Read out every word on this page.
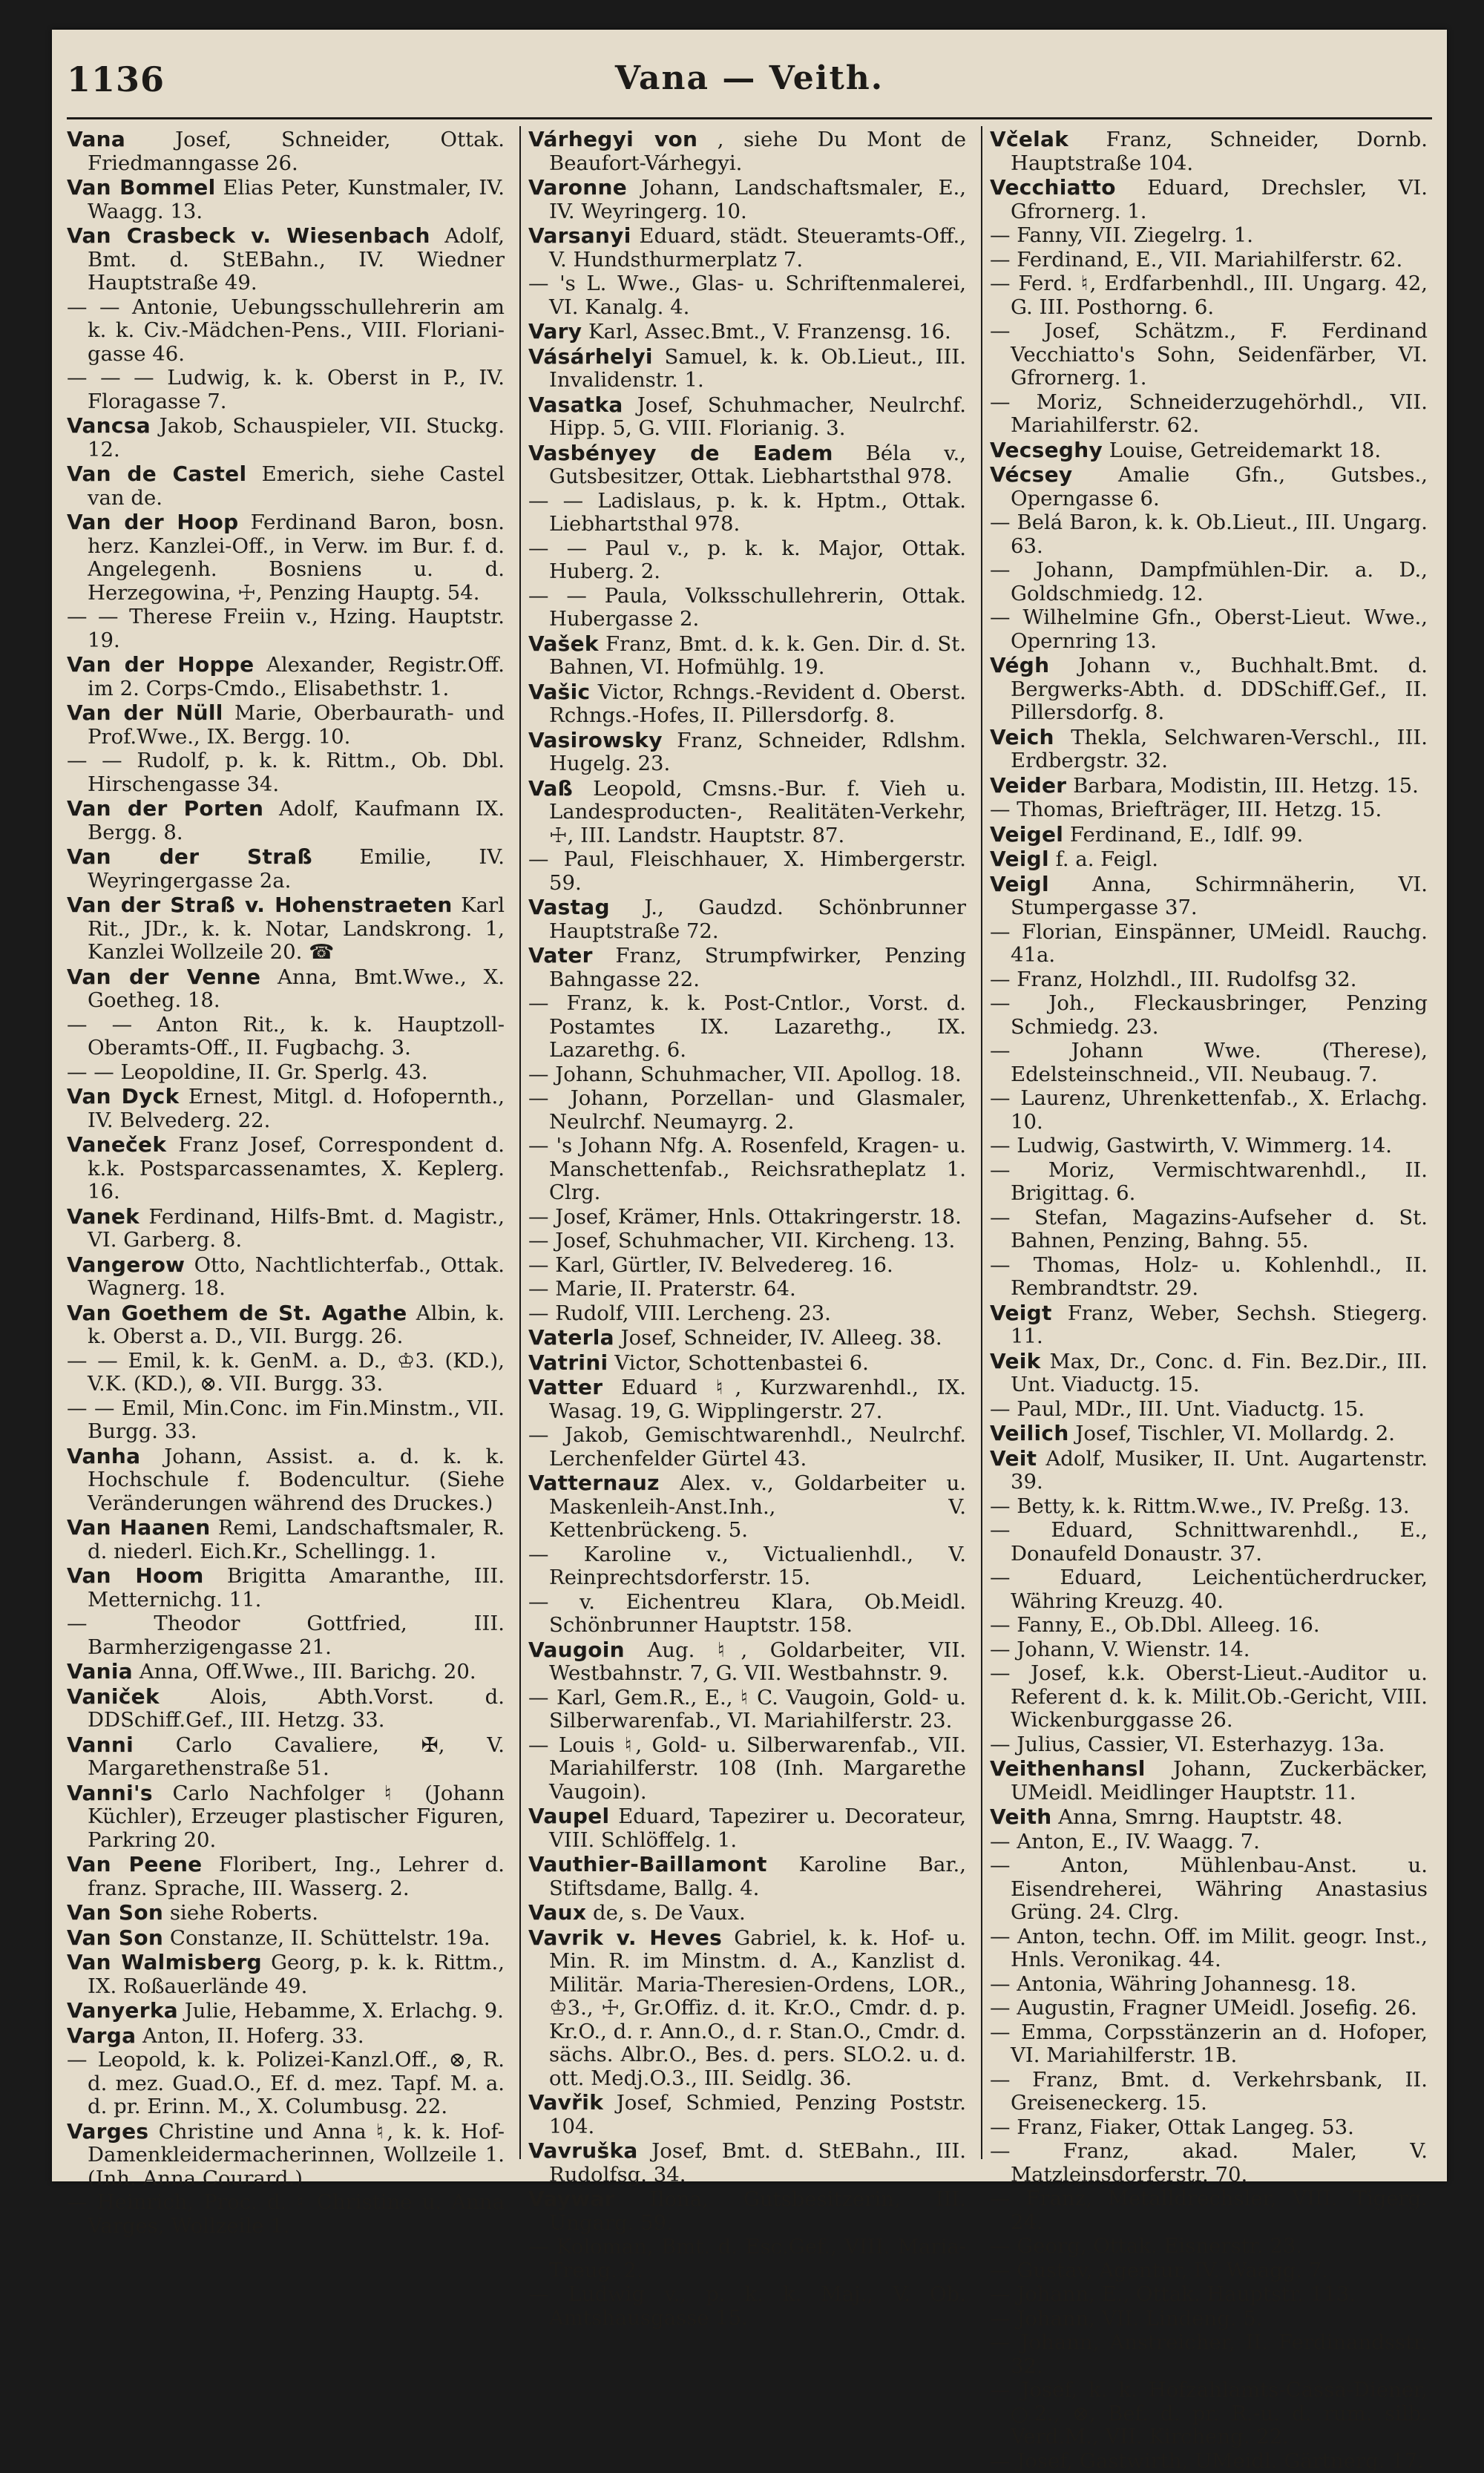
1136	Vana — Veith.

Vana Josef, Schneider, Ottak. Friedmanngasse 26.

Van Bommel Elias Peter, Kunstmaler, IV. Waagg. 13.

Van Crasbeck v. Wiesenbach Adolf, Bmt. d. StEBahn., IV. Wiedner Hauptstraße 49.

— — Antonie, Uebungsschullehrerin am k. k. Civ.-Mädchen-Pens., VIII. Floriani-gasse 46.

— — — Ludwig, k. k. Oberst in P., IV. Floragasse 7.

Vancsa Jakob, Schauspieler, VII. Stuckg. 12.

Van de Castel Emerich, siehe Castel van de.

Van der Hoop Ferdinand Baron, bosn. herz. Kanzlei-Off., in Verw. im Bur. f. d. Angelegenh. Bosniens u. d. Herzegowina, ☩, Penzing Hauptg. 54.

— — Therese Freiin v., Hzing. Hauptstr. 19.

Van der Hoppe Alexander, Registr.Off. im 2. Corps-Cmdo., Elisabethstr. 1.

Van der Nüll Marie, Oberbaurath- und Prof.Wwe., IX. Bergg. 10.

— — Rudolf, p. k. k. Rittm., Ob. Dbl. Hirschengasse 34.

Van der Porten Adolf, Kaufmann IX. Bergg. 8.

Van der Straß Emilie, IV. Weyringergasse 2a.

Van der Straß v. Hohenstraeten Karl Rit., JDr., k. k. Notar, Landskrong. 1, Kanzlei Wollzeile 20. ☎

Van der Venne Anna, Bmt.Wwe., X. Goetheg. 18.

— — Anton Rit., k. k. Hauptzoll-Oberamts-Off., II. Fugbachg. 3.

— — Leopoldine, II. Gr. Sperlg. 43.

Van Dyck Ernest, Mitgl. d. Hofopernth., IV. Belvederg. 22.

Vaneček Franz Josef, Correspondent d. k.k. Postsparcassenamtes, X. Keplerg. 16.

Vanek Ferdinand, Hilfs-Bmt. d. Magistr., VI. Garberg. 8.

Vangerow Otto, Nachtlichterfab., Ottak. Wagnerg. 18.

Van Goethem de St. Agathe Albin, k. k. Oberst a. D., VII. Burgg. 26.

— — Emil, k. k. GenM. a. D., ♔3. (KD.), V.K. (KD.), ⊗. VII. Burgg. 33.

— — Emil, Min.Conc. im Fin.Minstm., VII. Burgg. 33.

Vanha Johann, Assist. a. d. k. k. Hochschule f. Bodencultur. (Siehe Veränderungen während des Druckes.)

Van Haanen Remi, Landschaftsmaler, R. d. niederl. Eich.Kr., Schellingg. 1.

Van Hoom Brigitta Amaranthe, III. Metternichg. 11.

— Theodor Gottfried, III. Barmherzigengasse 21.

Vania Anna, Off.Wwe., III. Barichg. 20.

Vaniček Alois, Abth.Vorst. d. DDSchiff.Gef., III. Hetzg. 33.

Vanni Carlo Cavaliere, ✠, V. Margarethenstraße 51.

Vanni's Carlo Nachfolger ♮ (Johann Küchler), Erzeuger plastischer Figuren, Parkring 20.

Van Peene Floribert, Ing., Lehrer d. franz. Sprache, III. Wasserg. 2.

Van Son siehe Roberts.

Van Son Constanze, II. Schüttelstr. 19a.

Van Walmisberg Georg, p. k. k. Rittm., IX. Roßauerlände 49.

Vanyerka Julie, Hebamme, X. Erlachg. 9.

Varga Anton, II. Hoferg. 33.

— Leopold, k. k. Polizei-Kanzl.Off., ⊗, R. d. mez. Guad.O., Ef. d. mez. Tapf. M. a. d. pr. Erinn. M., X. Columbusg. 22.

Varges Christine und Anna ♮, k. k. Hof-Damenkleidermacherinnen, Wollzeile 1. (Inh. Anna Courard.)

— Heinrich, Proc. d. ♮ Christine u. Anna Varges, Wollzeile 1.

Várhegyi von , siehe Du Mont de Beaufort-Várhegyi.

Varonne Johann, Landschaftsmaler, E., IV. Weyringerg. 10.

Varsanyi Eduard, städt. Steueramts-Off., V. Hundsthurmerplatz 7.

— 's L. Wwe., Glas- u. Schriftenmalerei, VI. Kanalg. 4.

Vary Karl, Assec.Bmt., V. Franzensg. 16.

Vásárhelyi Samuel, k. k. Ob.Lieut., III. Invalidenstr. 1.

Vasatka Josef, Schuhmacher, Neulrchf. Hipp. 5, G. VIII. Florianig. 3.

Vasbényey de Eadem Béla v., Gutsbesitzer, Ottak. Liebhartsthal 978.

— — Ladislaus, p. k. k. Hptm., Ottak. Liebhartsthal 978.

— — Paul v., p. k. k. Major, Ottak. Huberg. 2.

— — Paula, Volksschullehrerin, Ottak. Hubergasse 2.

Vašek Franz, Bmt. d. k. k. Gen. Dir. d. St. Bahnen, VI. Hofmühlg. 19.

Vašic Victor, Rchngs.-Revident d. Oberst. Rchngs.-Hofes, II. Pillersdorfg. 8.

Vasirowsky Franz, Schneider, Rdlshm. Hugelg. 23.

Vaß Leopold, Cmsns.-Bur. f. Vieh u. Landesproducten-, Realitäten-Verkehr, ☩, III. Landstr. Hauptstr. 87.

— Paul, Fleischhauer, X. Himbergerstr. 59.

Vastag J., Gaudzd. Schönbrunner Hauptstraße 72.

Vater Franz, Strumpfwirker, Penzing Bahngasse 22.

— Franz, k. k. Post-Cntlor., Vorst. d. Postamtes IX. Lazarethg., IX. Lazarethg. 6.

— Johann, Schuhmacher, VII. Apollog. 18.

— Johann, Porzellan- und Glasmaler, Neulrchf. Neumayrg. 2.

— 's Johann Nfg. A. Rosenfeld, Kragen- u. Manschettenfab., Reichsratheplatz 1. Clrg.

— Josef, Krämer, Hnls. Ottakringerstr. 18.

— Josef, Schuhmacher, VII. Kircheng. 13.

— Karl, Gürtler, IV. Belvedereg. 16.

— Marie, II. Praterstr. 64.

— Rudolf, VIII. Lercheng. 23.

Vaterla Josef, Schneider, IV. Alleeg. 38.

Vatrini Victor, Schottenbastei 6.

Vatter Eduard ♮, Kurzwarenhdl., IX. Wasag. 19, G. Wipplingerstr. 27.

— Jakob, Gemischtwarenhdl., Neulrchf. Lerchenfelder Gürtel 43.

Vatternauz Alex. v., Goldarbeiter u. Maskenleih-Anst.Inh., V. Kettenbrückeng. 5.

— Karoline v., Victualienhdl., V. Reinprechtsdorferstr. 15.

— v. Eichentreu Klara, Ob.Meidl. Schönbrunner Hauptstr. 158.

Vaugoin Aug. ♮, Goldarbeiter, VII. Westbahnstr. 7, G. VII. Westbahnstr. 9.

— Karl, Gem.R., E., ♮ C. Vaugoin, Gold- u. Silberwarenfab., VI. Mariahilferstr. 23.

— Louis ♮, Gold- u. Silberwarenfab., VII. Mariahilferstr. 108 (Inh. Margarethe Vaugoin).

Vaupel Eduard, Tapezirer u. Decorateur, VIII. Schlöffelg. 1.

Vauthier-Baillamont Karoline Bar., Stiftsdame, Ballg. 4.

Vaux de, s. De Vaux.

Vavrik v. Heves Gabriel, k. k. Hof- u. Min. R. im Minstm. d. A., Kanzlist d. Militär. Maria-Theresien-Ordens, LOR., ♔3., ☩, Gr.Offiz. d. it. Kr.O., Cmdr. d. p. Kr.O., d. r. Ann.O., d. r. Stan.O., Cmdr. d. sächs. Albr.O., Bes. d. pers. SLO.2. u. d. ott. Medj.O.3., III. Seidlg. 36.

Vavřik Josef, Schmied, Penzing Poststr. 104.

Vavruška Josef, Bmt. d. StEBahn., III. Rudolfsg. 34.

Vaywar Ilona, Gutsbesitzerin, III. Ungarg. 59.

— Koloman, Bmt. d. Esc.Gef., VIII. Maria-Treug. 2.

— Ludwig v., p. k. k. Maj., V. Ob. Amtshausgasse 15.

Včelak Franz, Schneider, Dornb. Hauptstraße 104.

Vecchiatto Eduard, Drechsler, VI. Gfrornerg. 1.

— Fanny, VII. Ziegelrg. 1.

— Ferdinand, E., VII. Mariahilferstr. 62.

— Ferd. ♮, Erdfarbenhdl., III. Ungarg. 42, G. III. Posthorng. 6.

— Josef, Schätzm., F. Ferdinand Vecchiatto's Sohn, Seidenfärber, VI. Gfrornerg. 1.

— Moriz, Schneiderzugehörhdl., VII. Mariahilferstr. 62.

Vecseghy Louise, Getreidemarkt 18.

Vécsey Amalie Gfn., Gutsbes., Operngasse 6.

— Belá Baron, k. k. Ob.Lieut., III. Ungarg. 63.

— Johann, Dampfmühlen-Dir. a. D., Goldschmiedg. 12.

— Wilhelmine Gfn., Oberst-Lieut. Wwe., Opernring 13.

Végh Johann v., Buchhalt.Bmt. d. Bergwerks-Abth. d. DDSchiff.Gef., II. Pillersdorfg. 8.

Veich Thekla, Selchwaren-Verschl., III. Erdbergstr. 32.

Veider Barbara, Modistin, III. Hetzg. 15.

— Thomas, Briefträger, III. Hetzg. 15.

Veigel Ferdinand, E., Idlf. 99.

Veigl f. a. Feigl.

Veigl Anna, Schirmnäherin, VI. Stumpergasse 37.

— Florian, Einspänner, UMeidl. Rauchg. 41a.

— Franz, Holzhdl., III. Rudolfsg 32.

— Joh., Fleckausbringer, Penzing Schmiedg. 23.

— Johann Wwe. (Therese), Edelsteinschneid., VII. Neubaug. 7.

— Laurenz, Uhrenkettenfab., X. Erlachg. 10.

— Ludwig, Gastwirth, V. Wimmerg. 14.

— Moriz, Vermischtwarenhdl., II. Brigittag. 6.

— Stefan, Magazins-Aufseher d. St. Bahnen, Penzing, Bahng. 55.

— Thomas, Holz- u. Kohlenhdl., II. Rembrandtstr. 29.

Veigt Franz, Weber, Sechsh. Stiegerg. 11.

Veik Max, Dr., Conc. d. Fin. Bez.Dir., III. Unt. Viaductg. 15.

— Paul, MDr., III. Unt. Viaductg. 15.

Veilich Josef, Tischler, VI. Mollardg. 2.

Veit Adolf, Musiker, II. Unt. Augartenstr. 39.

— Betty, k. k. Rittm.W.we., IV. Preßg. 13.

— Eduard, Schnittwarenhdl., E., Donaufeld Donaustr. 37.

— Eduard, Leichentücherdrucker, Währing Kreuzg. 40.

— Fanny, E., Ob.Dbl. Alleeg. 16.

— Johann, V. Wienstr. 14.

— Josef, k.k. Oberst-Lieut.-Auditor u. Referent d. k. k. Milit.Ob.-Gericht, VIII. Wickenburggasse 26.

— Julius, Cassier, VI. Esterhazyg. 13a.

Veithenhansl Johann, Zuckerbäcker, UMeidl. Meidlinger Hauptstr. 11.

Veith Anna, Smrng. Hauptstr. 48.

— Anton, E., IV. Waagg. 7.

— Anton, Mühlenbau-Anst. u. Eisendreherei, Währing Anastasius Grüng. 24. Clrg.

— Anton, techn. Off. im Milit. geogr. Inst., Hnls. Veronikag. 44.

— Antonia, Währing Johannesg. 18.

— Augustin, Fragner UMeidl. Josefig. 26.

— Emma, Corpsstänzerin an d. Hofoper, VI. Mariahilferstr. 1B.

— Franz, Bmt. d. Verkehrsbank, II. Greiseneckerg. 15.

— Franz, Fiaker, Ottak Langeg. 53.

— Franz, akad. Maler, V. Matzleinsdorferstr. 70.

— Franz, Metalldrechsler, VIII. Tigerg. 24.

— Georg, Ottak. Eisnerstr. 23.

— Gustav, Agentur, IV. Waagg. 7.

— Johann, E., Ottak. Hauptstr. 113.

— Johann, VII. Lindeng. 5.

— Johann, Anstreicher, II. Ferdinandsstr. 32.

— Josef, k. k. Hofzahlamts-Cassa-Diener, ○2., ⊗, Bef. d. pr. R.-u. d. rum. silb. Verd.M., VII. Kircheng. 22.

— Josef, Gastwirth, UMeidl. Gärtnerg. 17.
